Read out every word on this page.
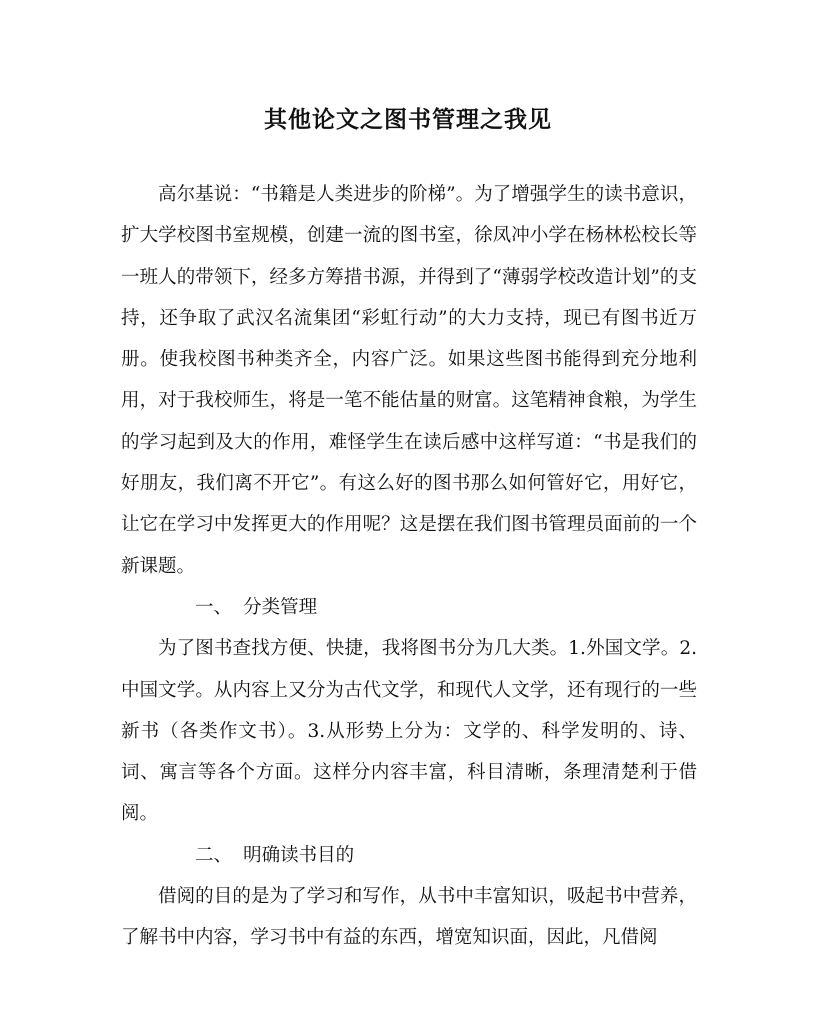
其他论文之图书管理之我见

高尔基说：“书籍是人类进步的阶梯”。为了增强学生的读书意识，扩大学校图书室规模，创建一流的图书室，徐凤冲小学在杨林松校长等一班人的带领下，经多方筹措书源，并得到了“薄弱学校改造计划”的支持，还争取了武汉名流集团“彩虹行动”的大力支持，现已有图书近万册。使我校图书种类齐全，内容广泛。如果这些图书能得到充分地利用，对于我校师生，将是一笔不能估量的财富。这笔精神食粮，为学生的学习起到及大的作用，难怪学生在读后感中这样写道：“书是我们的好朋友，我们离不开它”。有这么好的图书那么如何管好它，用好它，让它在学习中发挥更大的作用呢？这是摆在我们图书管理员面前的一个新课题。

一、 分类管理

为了图书查找方便、快捷，我将图书分为几大类。1.外国文学。2.中国文学。从内容上又分为古代文学，和现代人文学，还有现行的一些新书（各类作文书）。3.从形势上分为：文学的、科学发明的、诗、词、寓言等各个方面。这样分内容丰富，科目清晰，条理清楚利于借阅。

二、 明确读书目的

借阅的目的是为了学习和写作，从书中丰富知识，吸起书中营养，了解书中内容，学习书中有益的东西，增宽知识面，因此，凡借阅
